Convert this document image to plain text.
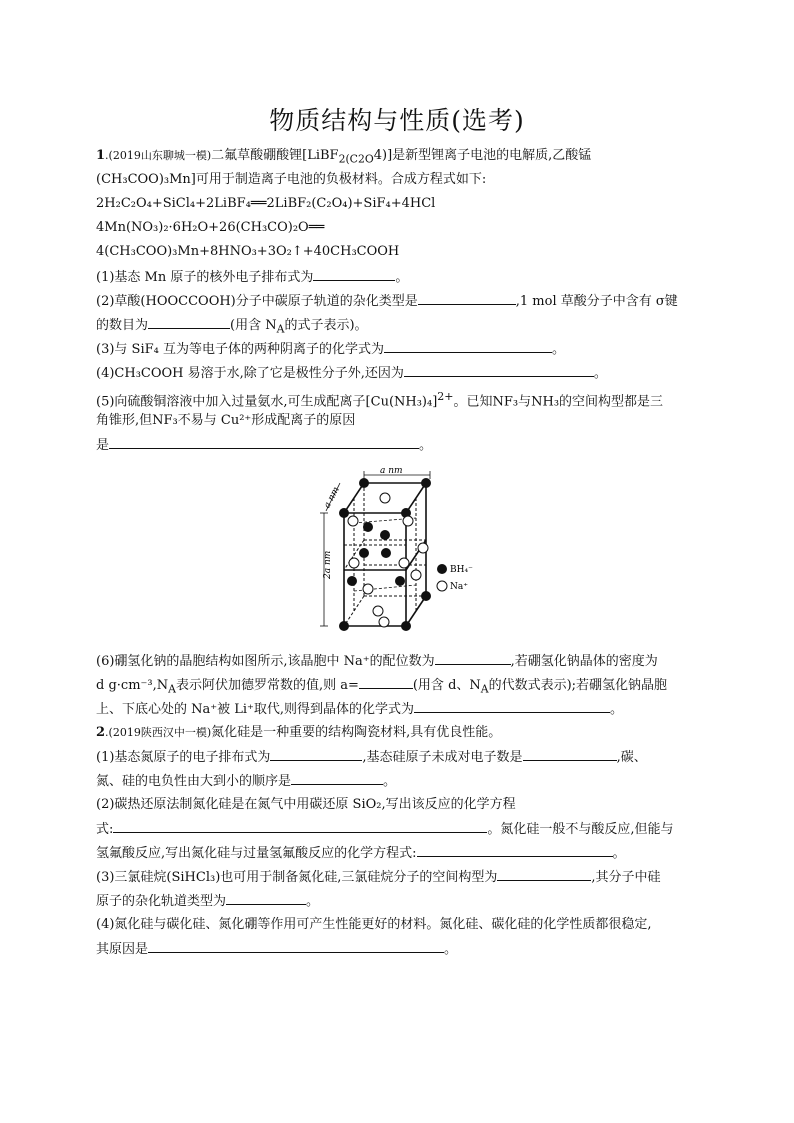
物质结构与性质(选考)
1.(2019山东聊城一模)二氟草酸硼酸锂[LiBF$_{2(C2O}$4)]是新型锂离子电池的电解质,乙酸锰
(CH₃COO)₃Mn]可用于制造离子电池的负极材料。合成方程式如下:
2H₂C₂O₄+SiCl₄+2LiBF₄══2LiBF₂(C₂O₄)+SiF₄+4HCl
4Mn(NO₃)₂·6H₂O+26(CH₃CO)₂O══
4(CH₃COO)₃Mn+8HNO₃+3O₂↑+40CH₃COOH
(1)基态 Mn 原子的核外电子排布式为	。
(2)草酸(HOOCCOOH)分子中碳原子轨道的杂化类型是	,1 mol 草酸分子中含有 σ键
的数目为	(用含 $N_A$的式子表示)。
(3)与 SiF₄ 互为等电子体的两种阴离子的化学式为	。
(4)CH₃COOH 易溶于水,除了它是极性分子外,还因为	。
(5)向硫酸铜溶液中加入过量氨水,可生成配离子$[Cu(NH_3)_4]^{2+}$。已知NF₃与NH₃的空间构型都是三
角锥形,但NF₃不易与 Cu²⁺形成配离子的原因
是	。
a nm
a nm
2a nm	BH₄⁻
Na⁺
(6)硼氢化钠的晶胞结构如图所示,该晶胞中 Na⁺的配位数为	,若硼氢化钠晶体的密度为
d $g\cdot cm^{-3},N_A$表示阿伏加德罗常数的值,则 a=	(用含 d、$N_A$的代数式表示);若硼氢化钠晶胞
上、下底心处的 Na⁺被 Li⁺取代,则得到晶体的化学式为	。
2.(2019陕西汉中一模)氮化硅是一种重要的结构陶瓷材料,具有优良性能。
(1)基态氮原子的电子排布式为	,基态硅原子未成对电子数是	,碳、
氮、硅的电负性由大到小的顺序是	。
(2)碳热还原法制氮化硅是在氮气中用碳还原 SiO₂,写出该反应的化学方程
式:	。氮化硅一般不与酸反应,但能与
氢氟酸反应,写出氮化硅与过量氢氟酸反应的化学方程式:	。
(3)三氯硅烷(SiHCl₃)也可用于制备氮化硅,三氯硅烷分子的空间构型为	,其分子中硅
原子的杂化轨道类型为	。
(4)氮化硅与碳化硅、氮化硼等作用可产生性能更好的材料。氮化硅、碳化硅的化学性质都很稳定,
其原因是	。
